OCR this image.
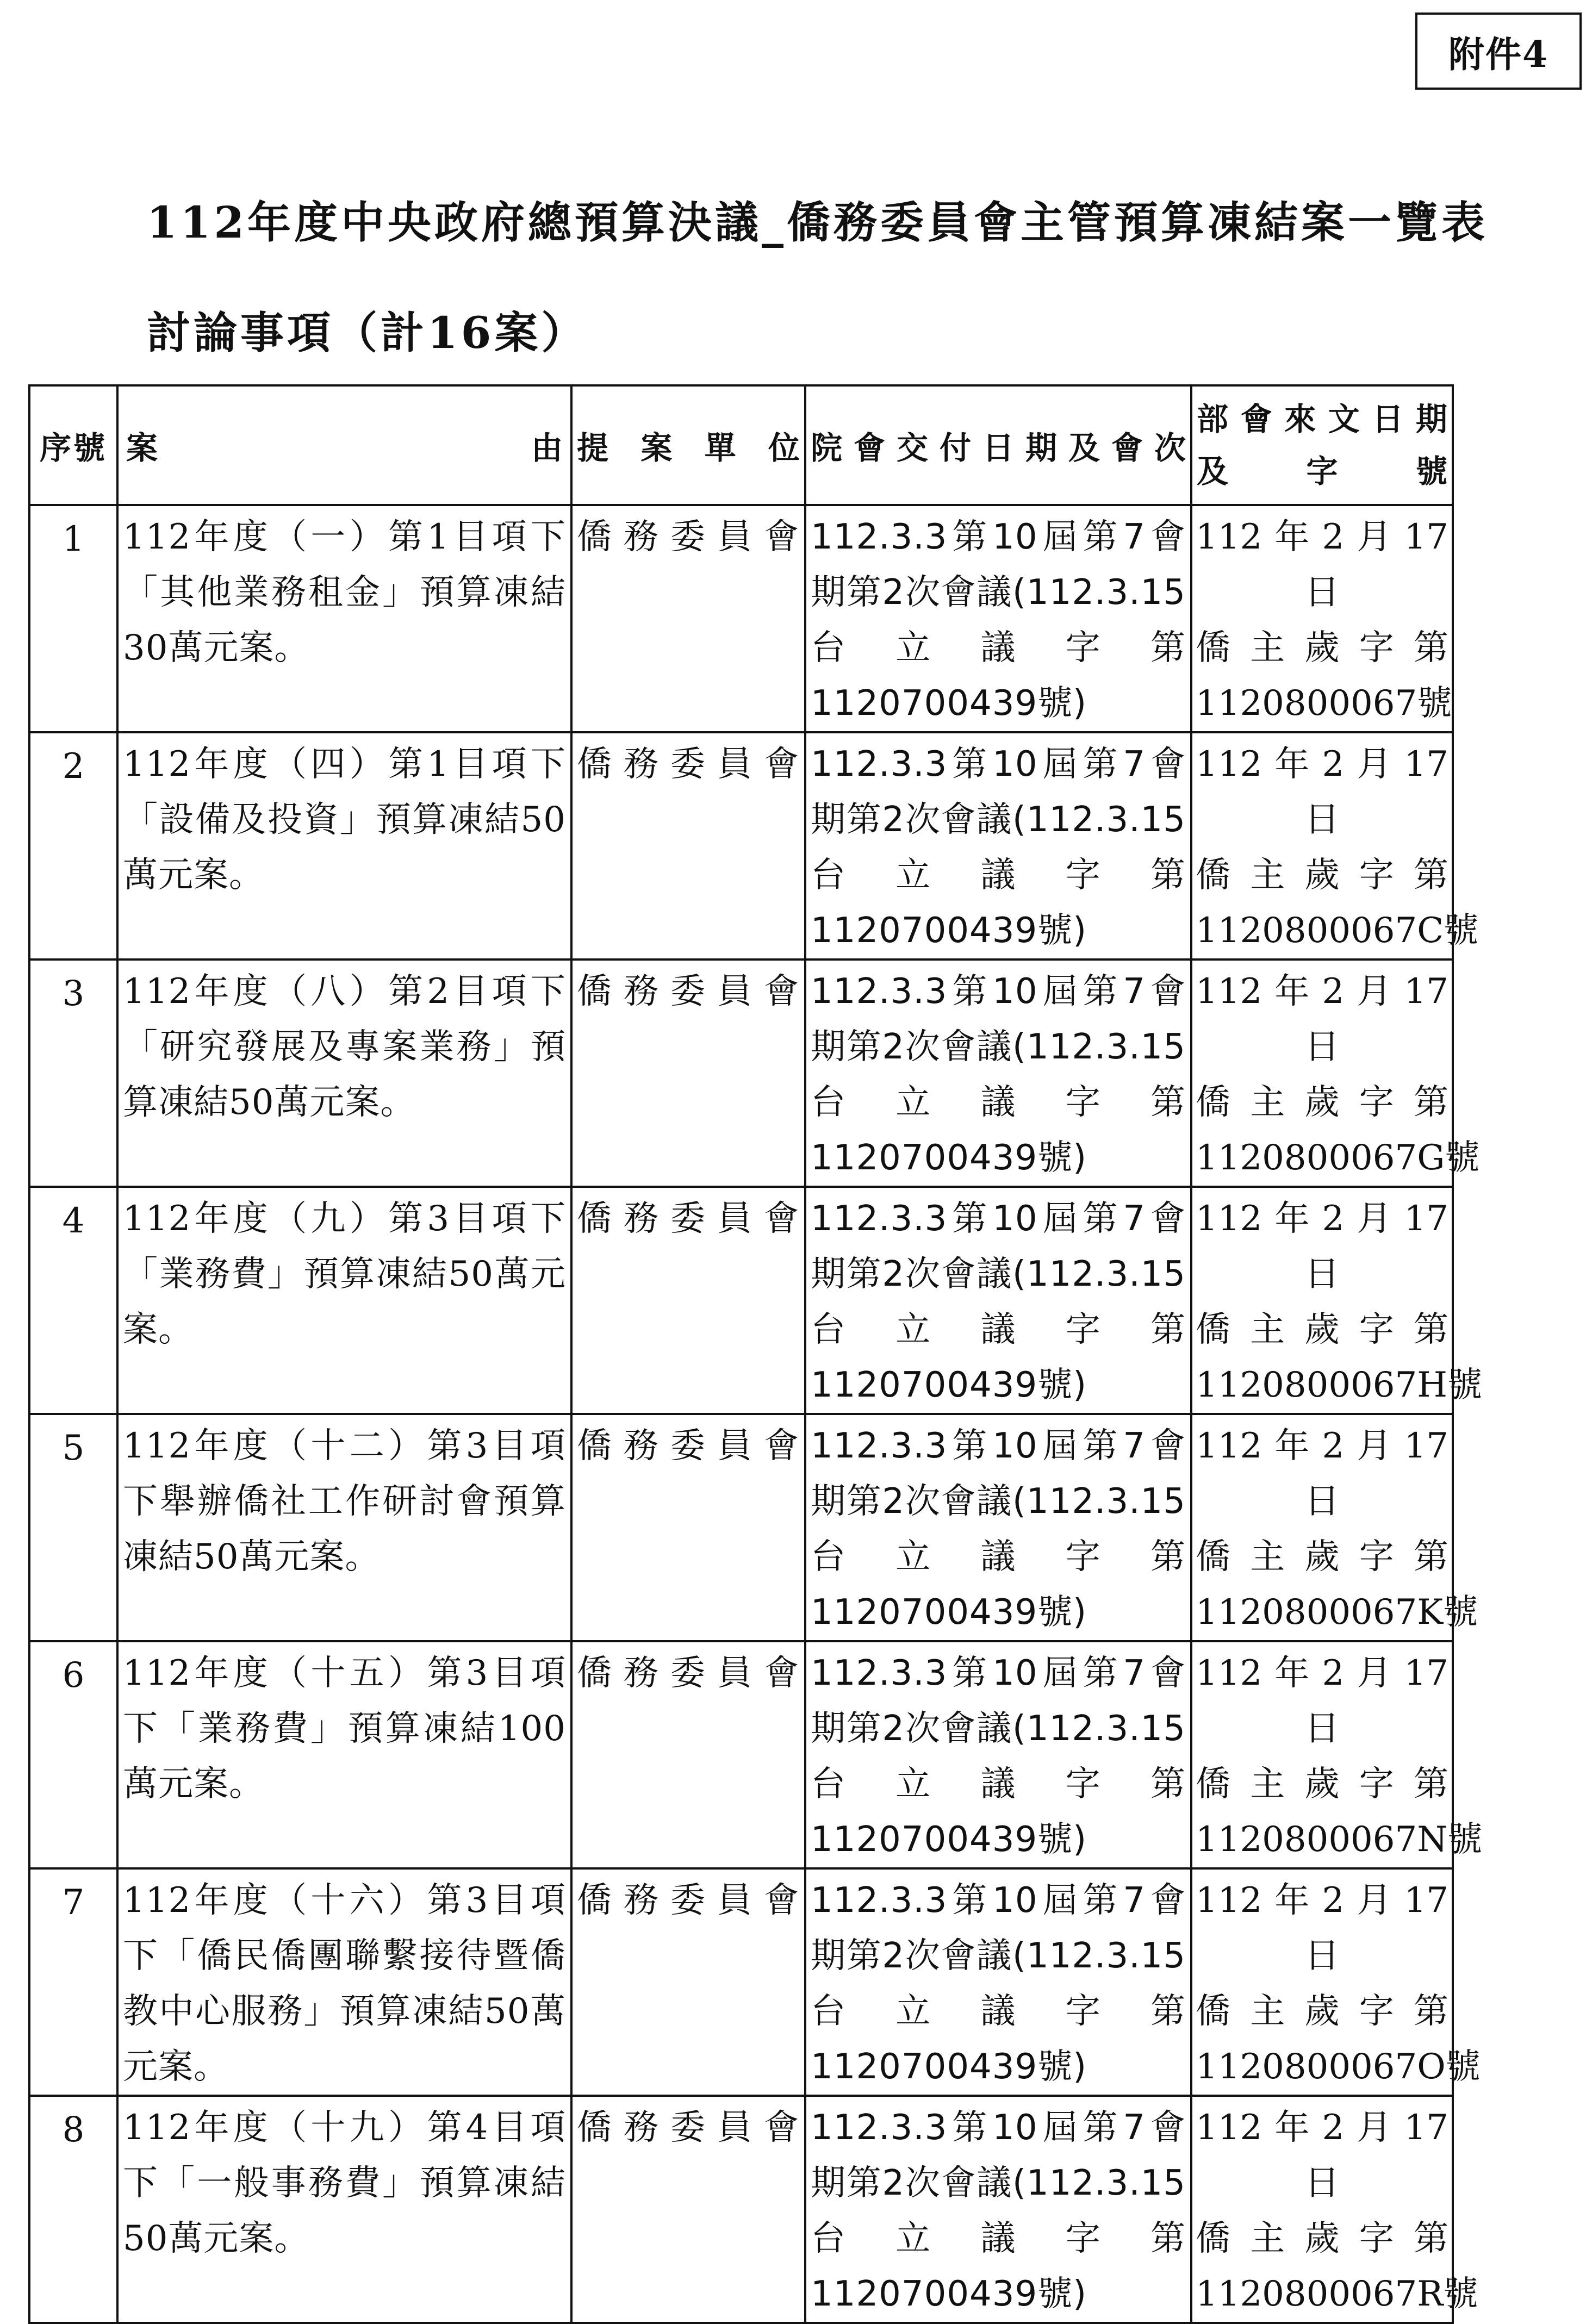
附件4
112年度中央政府總預算決議_僑務委員會主管預算凍結案一覽表
討論事項（計16案）
序號	案 由	提案單位	院會交付日期及會次	部會來文日期
及字號

1	112年度（一）第1目項下「其他業務租金」預算凍結30萬元案。	僑務委員會	112.3.3第10屆第7會期第2次會議(112.3.15台立議字第1120700439號)	112年2月17
日
僑主歲字第
1120800067號

2	112年度（四）第1目項下「設備及投資」預算凍結50萬元案。	僑務委員會	112.3.3第10屆第7會期第2次會議(112.3.15台立議字第1120700439號)	112年2月17
日
僑主歲字第
1120800067C號

3	112年度（八）第2目項下「研究發展及專案業務」預算凍結50萬元案。	僑務委員會	112.3.3第10屆第7會期第2次會議(112.3.15台立議字第1120700439號)	112年2月17
日
僑主歲字第
1120800067G號

4	112年度（九）第3目項下「業務費」預算凍結50萬元案。	僑務委員會	112.3.3第10屆第7會期第2次會議(112.3.15台立議字第1120700439號)	112年2月17
日
僑主歲字第
1120800067H號

5	112年度（十二）第3目項下舉辦僑社工作研討會預算凍結50萬元案。	僑務委員會	112.3.3第10屆第7會期第2次會議(112.3.15台立議字第1120700439號)	112年2月17
日
僑主歲字第
1120800067K號

6	112年度（十五）第3目項下「業務費」預算凍結100萬元案。	僑務委員會	112.3.3第10屆第7會期第2次會議(112.3.15台立議字第1120700439號)	112年2月17
日
僑主歲字第
1120800067N號

7	112年度（十六）第3目項下「僑民僑團聯繫接待暨僑教中心服務」預算凍結50萬元案。	僑務委員會	112.3.3第10屆第7會期第2次會議(112.3.15台立議字第1120700439號)	112年2月17
日
僑主歲字第
1120800067O號

8	112年度（十九）第4目項下「一般事務費」預算凍結50萬元案。	僑務委員會	112.3.3第10屆第7會期第2次會議(112.3.15台立議字第1120700439號)	112年2月17
日
僑主歲字第
1120800067R號
